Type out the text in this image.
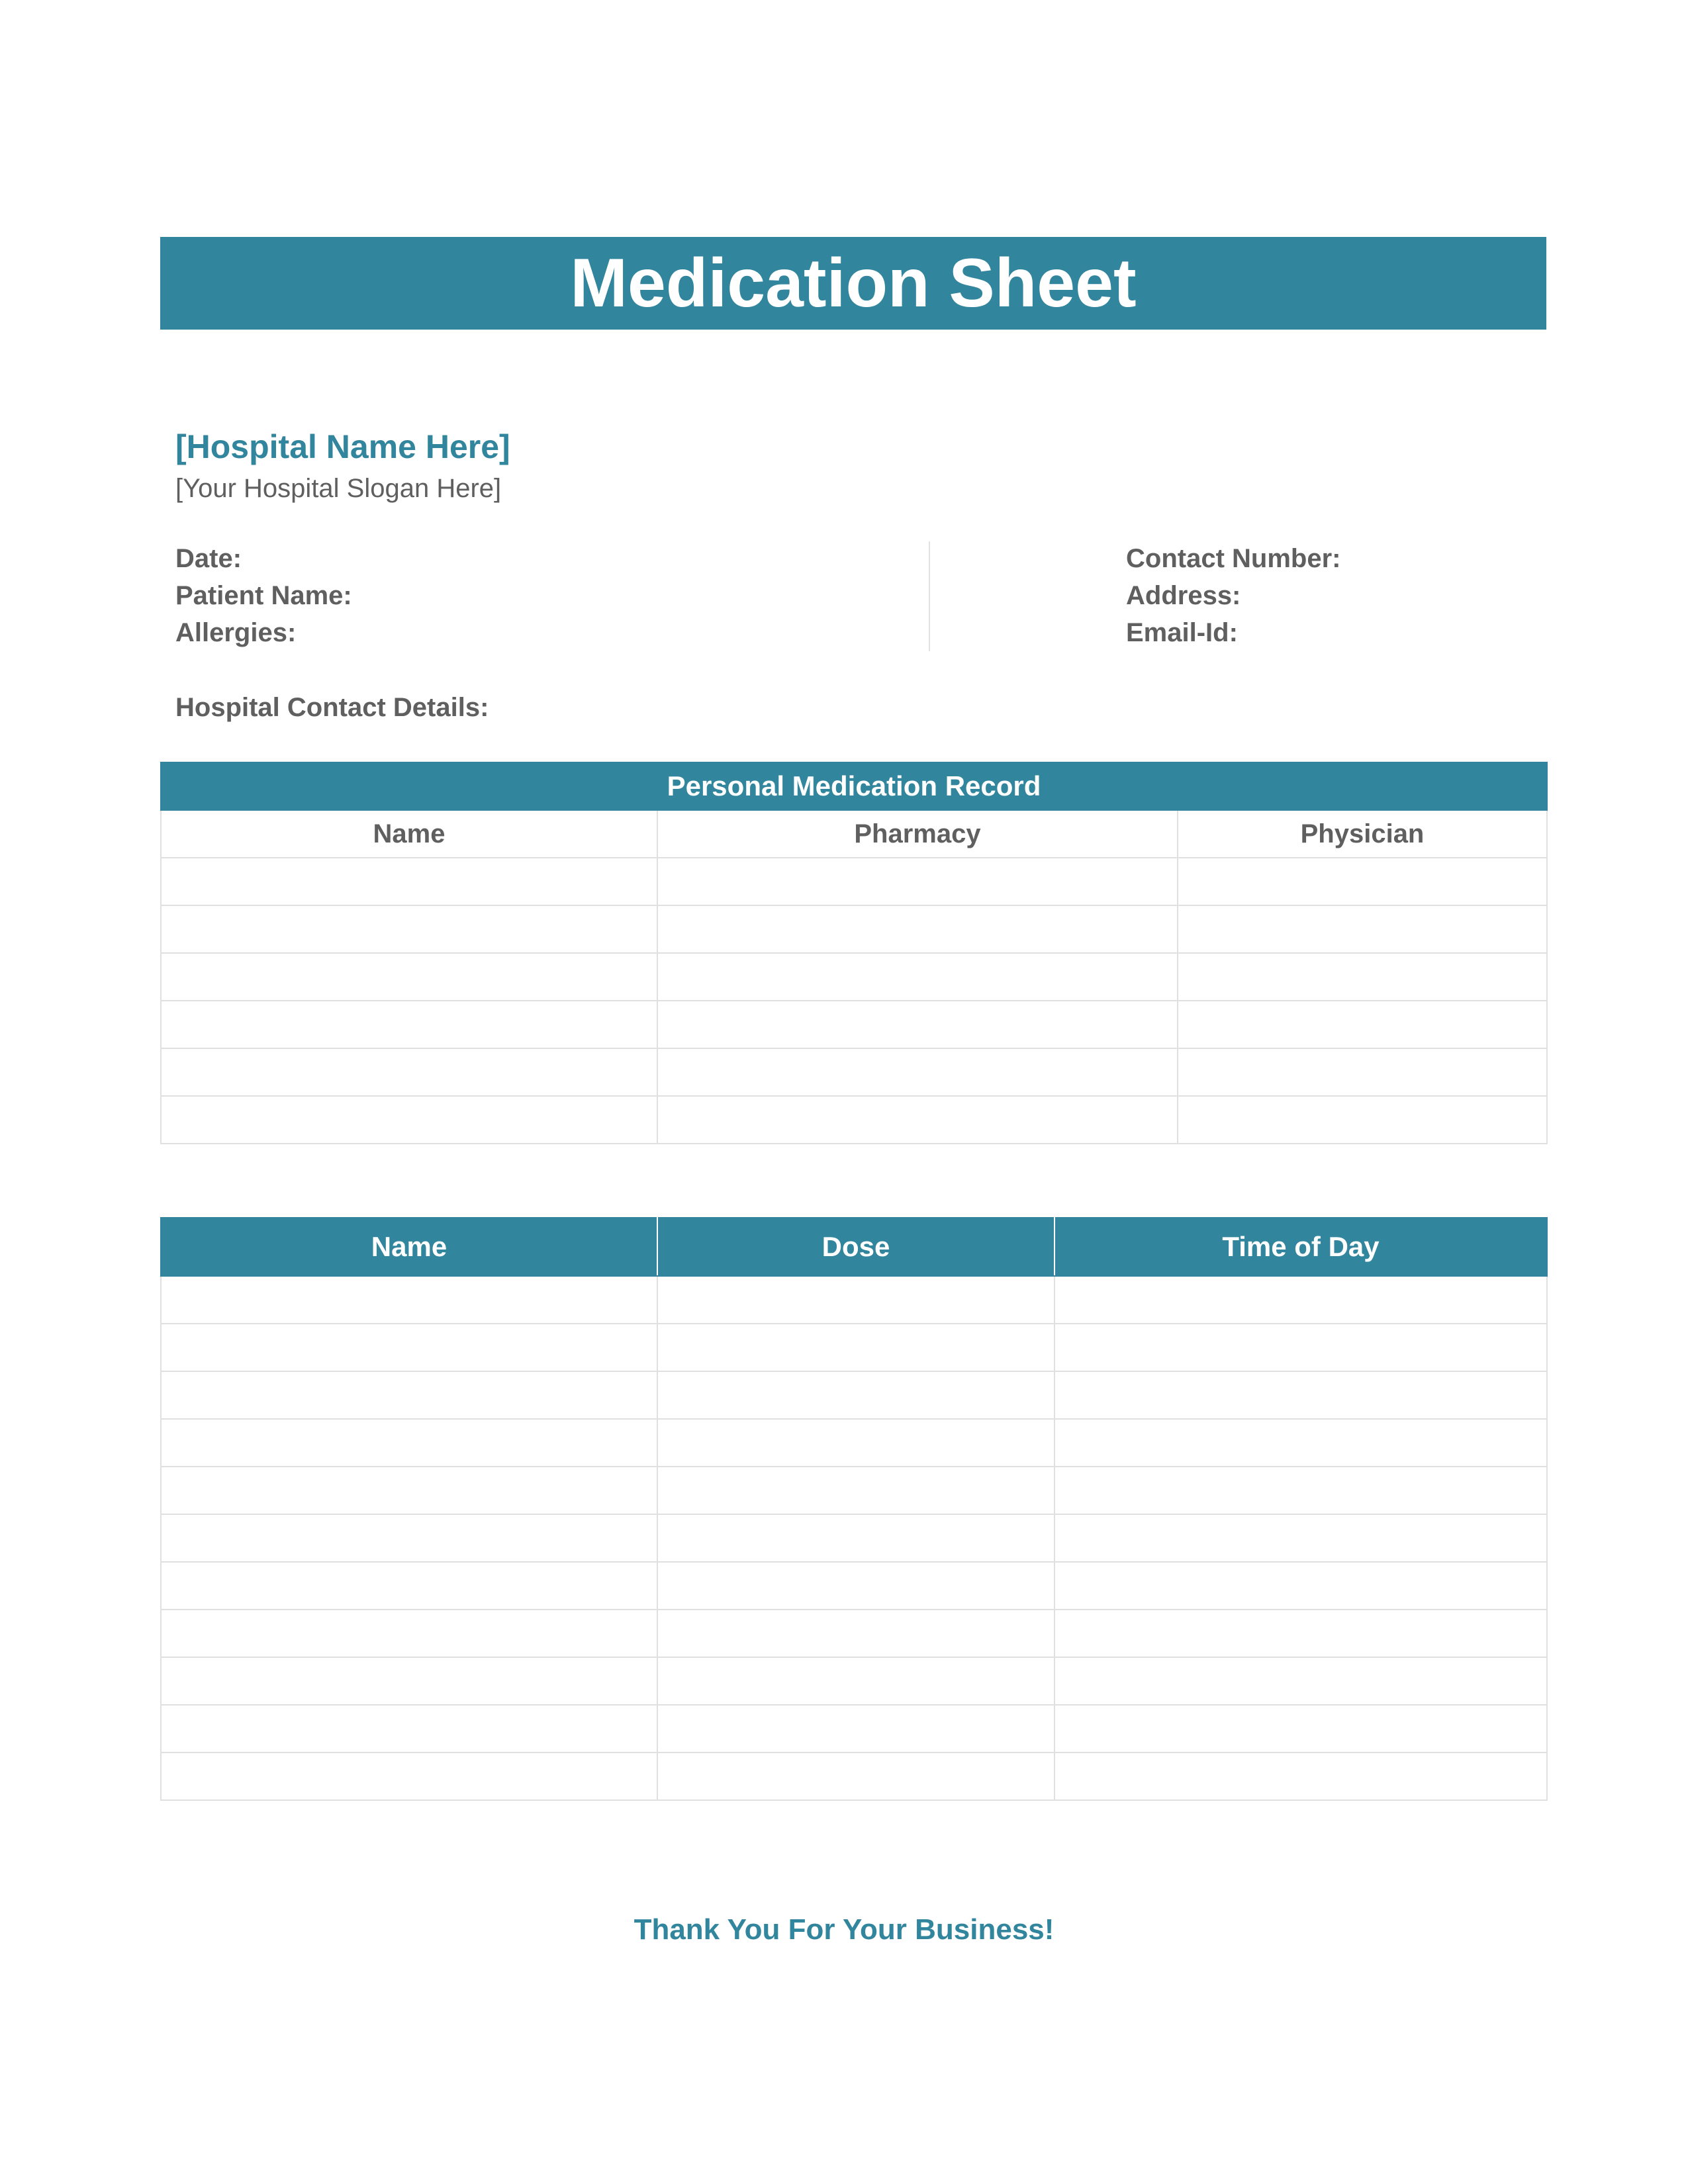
Medication Sheet
[Hospital Name Here]
[Your Hospital Slogan Here]
Date:
Patient Name:
Allergies:
Contact Number:
Address:
Email-Id:
Hospital Contact Details:
Personal Medication Record		
Name	Pharmacy	Physician

Name	Dose	Time of Day

Thank You For Your Business!
